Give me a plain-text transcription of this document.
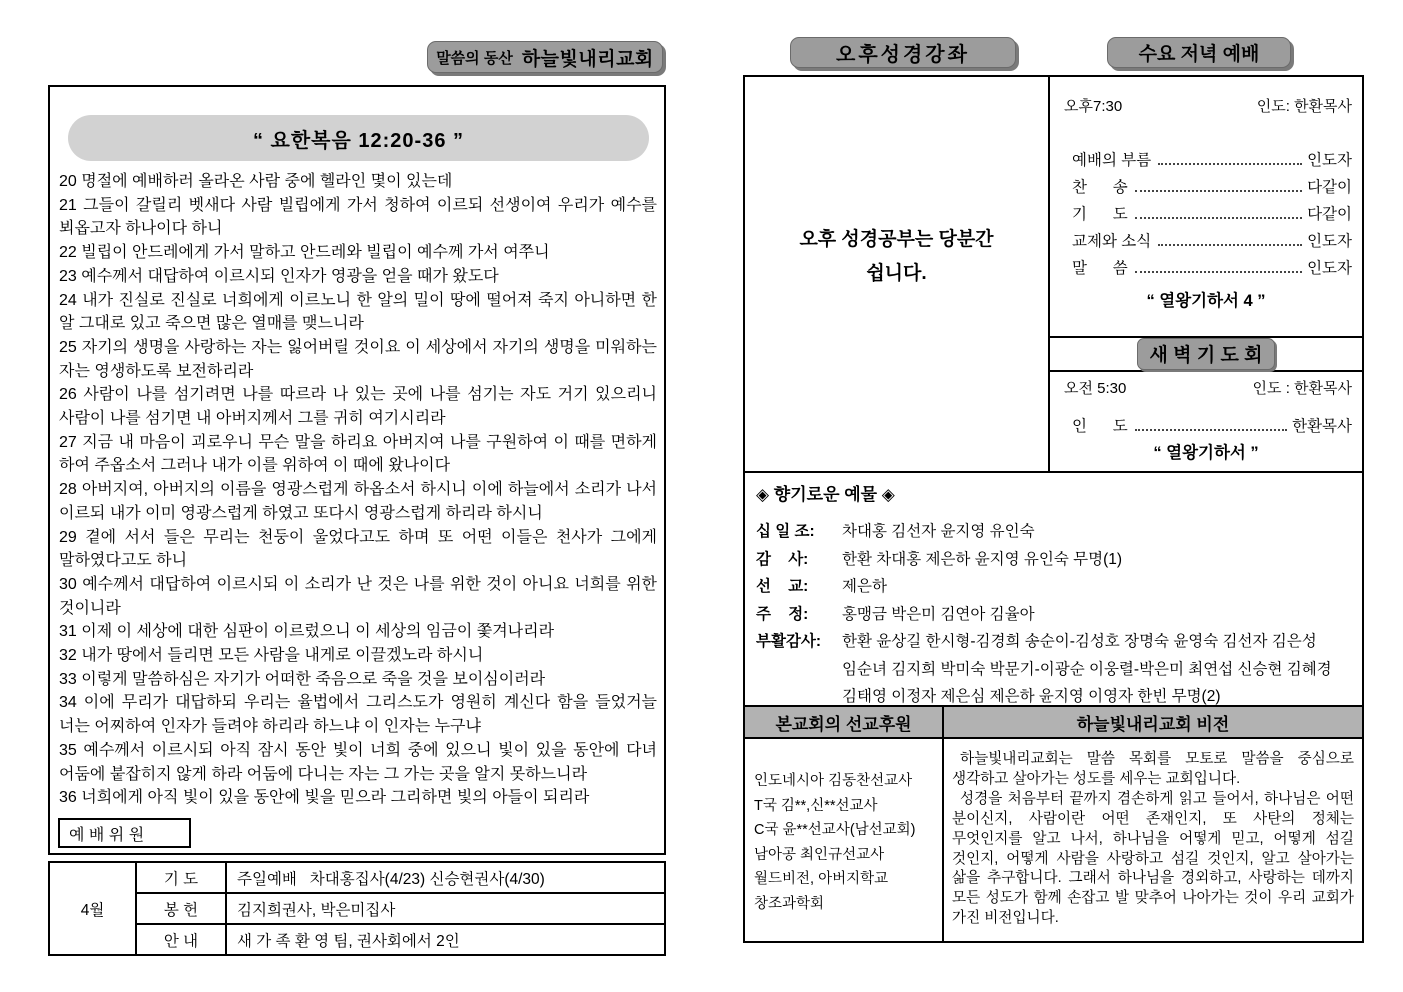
말씀의 동산 하늘빛내리교회
“ 요한복음 12:20-36 ”

20 명절에 예배하러 올라온 사람 중에 헬라인 몇이 있는데

21 그들이 갈릴리 벳새다 사람 빌립에게 가서 청하여 이르되 선생이여 우리가 예수를 뵈옵고자 하나이다 하니

22 빌립이 안드레에게 가서 말하고 안드레와 빌립이 예수께 가서 여쭈니

23 예수께서 대답하여 이르시되 인자가 영광을 얻을 때가 왔도다

24 내가 진실로 진실로 너희에게 이르노니 한 알의 밀이 땅에 떨어져 죽지 아니하면 한 알 그대로 있고 죽으면 많은 열매를 맺느니라

25 자기의 생명을 사랑하는 자는 잃어버릴 것이요 이 세상에서 자기의 생명을 미워하는 자는 영생하도록 보전하리라

26 사람이 나를 섬기려면 나를 따르라 나 있는 곳에 나를 섬기는 자도 거기 있으리니 사람이 나를 섬기면 내 아버지께서 그를 귀히 여기시리라

27 지금 내 마음이 괴로우니 무슨 말을 하리요 아버지여 나를 구원하여 이 때를 면하게 하여 주옵소서 그러나 내가 이를 위하여 이 때에 왔나이다

28 아버지여, 아버지의 이름을 영광스럽게 하옵소서 하시니 이에 하늘에서 소리가 나서 이르되 내가 이미 영광스럽게 하였고 또다시 영광스럽게 하리라 하시니

29 곁에 서서 들은 무리는 천둥이 울었다고도 하며 또 어떤 이들은 천사가 그에게 말하였다고도 하니

30 예수께서 대답하여 이르시되 이 소리가 난 것은 나를 위한 것이 아니요 너희를 위한 것이니라

31 이제 이 세상에 대한 심판이 이르렀으니 이 세상의 임금이 쫓겨나리라

32 내가 땅에서 들리면 모든 사람을 내게로 이끌겠노라 하시니

33 이렇게 말씀하심은 자기가 어떠한 죽음으로 죽을 것을 보이심이러라

34 이에 무리가 대답하되 우리는 율법에서 그리스도가 영원히 계신다 함을 들었거늘 너는 어찌하여 인자가 들려야 하리라 하느냐 이 인자는 누구냐

35 예수께서 이르시되 아직 잠시 동안 빛이 너희 중에 있으니 빛이 있을 동안에 다녀 어둠에 붙잡히지 않게 하라 어둠에 다니는 자는 그 가는 곳을 알지 못하느니라

36 너희에게 아직 빛이 있을 동안에 빛을 믿으라 그리하면 빛의 아들이 되리라

예 배 위 원
4월	기 도	주일예배   차대홍집사(4/23) 신승현권사(4/30)
	봉 헌	김지희권사, 박은미집사
	안 내	새 가 족 환 영 팀, 권사회에서 2인
오후성경강좌	수요 저녁 예배
오후 성경공부는 당분간
쉽니다.
오후7:30	인도: 한환목사
예배의 부름	인도자
찬      송	다같이
기      도	다같이
교제와 소식	인도자
말      씀	인도자
“ 열왕기하서 4 ”
새 벽 기 도 회
오전 5:30	인도 : 한환목사
인      도	한환목사
“ 열왕기하서 ”
◈ 향기로운 예물 ◈
십 일 조:	차대홍 김선자 윤지영 유인숙
감    사:	한환 차대홍 제은하 윤지영 유인숙 무명(1)
선    교:	제은하
주    정:	홍맹금 박은미 김연아 김율아
부활감사:	한환 윤상길 한시형-김경희 송순이-김성호 장명숙 윤영숙 김선자 김은성 임순녀 김지희 박미숙 박문기-이광순 이웅렬-박은미 최연섭 신승현 김혜경 김태영 이정자 제은심 제은하 윤지영 이영자 한빈 무명(2)
본교회의 선교후원	하늘빛내리교회 비전
인도네시아 김동찬선교사
T국 김**,신**선교사
C국 윤**선교사(남선교회)
남아공 최인규선교사
월드비전, 아버지학교
창조과학회

하늘빛내리교회는 말씀 목회를 모토로 말씀을 중심으로 생각하고 살아가는 성도를 세우는 교회입니다.

성경을 처음부터 끝까지 겸손하게 읽고 들어서, 하나님은 어떤 분이신지, 사람이란 어떤 존재인지, 또 사탄의 정체는 무엇인지를 알고 나서, 하나님을 어떻게 믿고, 어떻게 섬길 것인지, 어떻게 사람을 사랑하고 섬길 것인지, 알고 살아가는 삶을 추구합니다. 그래서 하나님을 경외하고, 사랑하는 데까지 모든 성도가 함께 손잡고 발 맞추어 나아가는 것이 우리 교회가 가진 비전입니다.
